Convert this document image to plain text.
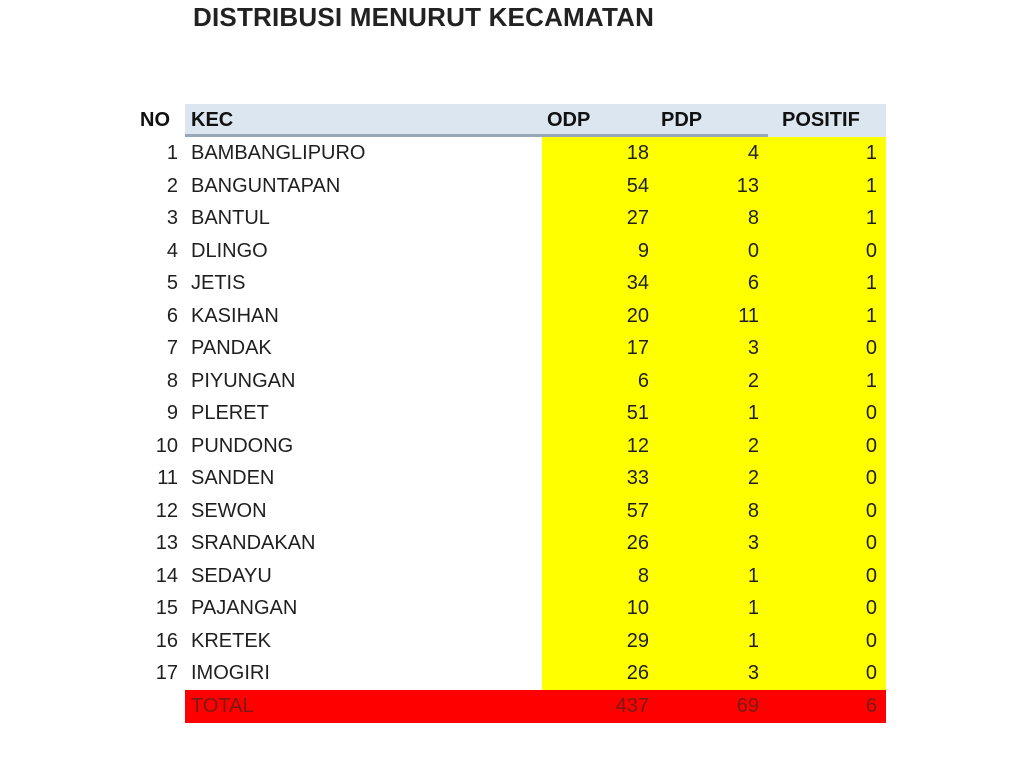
DISTRIBUSI MENURUT KECAMATAN
NO	KEC	ODP	PDP	POSITIF
1 BAMBANGLIPURO	18	4	1
2 BANGUNTAPAN	54	13	1
3 BANTUL	27	8	1
4 DLINGO	9	0	0
5 JETIS	34	6	1
6 KASIHAN	20	11	1
7 PANDAK	17	3	0
8 PIYUNGAN	6	2	1
9 PLERET	51	1	0
10 PUNDONG	12	2	0
11 SANDEN	33	2	0
12 SEWON	57	8	0
13 SRANDAKAN	26	3	0
14 SEDAYU	8	1	0
15 PAJANGAN	10	1	0
16 KRETEK	29	1	0
17 IMOGIRI	26	3	0
TOTAL	437	69	6
